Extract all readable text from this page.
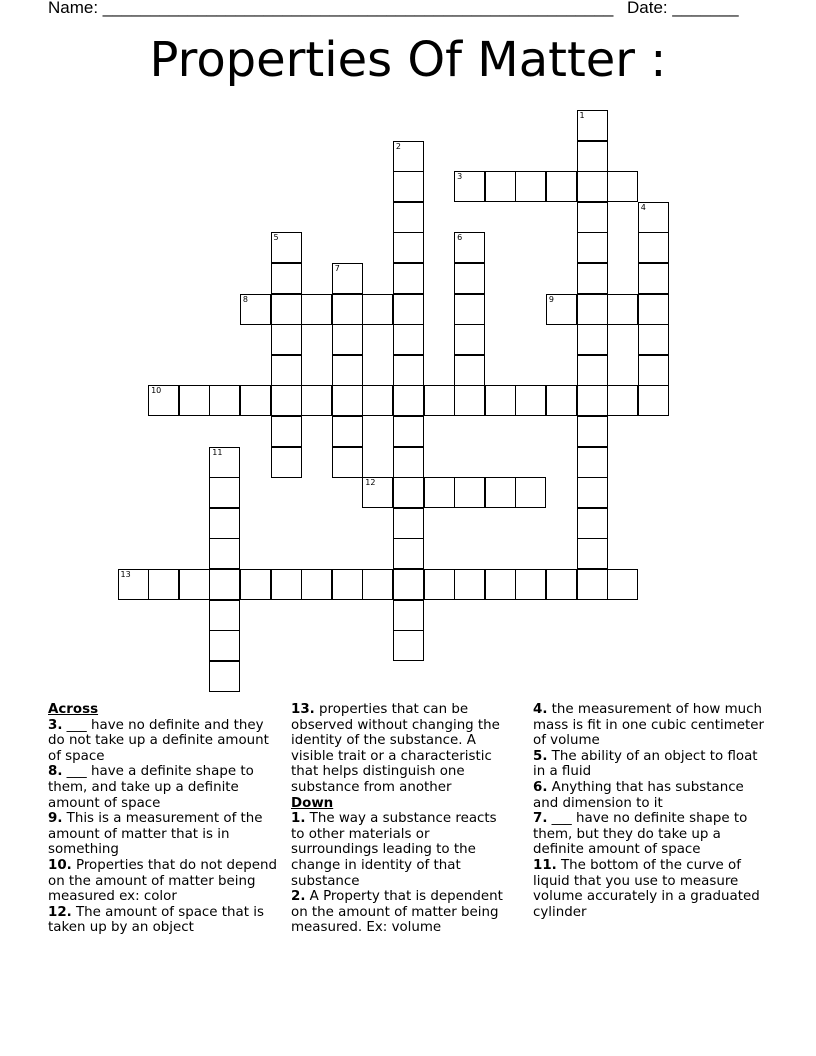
Name: ______________________________________________________ Date: _______
Properties Of Matter :
1
2
3
4
5	6
7
8	9
10
11
12
13
Across

3. ___ have no definite and they do not take up a definite amount of space

8. ___ have a definite shape to them, and take up a definite amount of space

9. This is a measurement of the amount of matter that is in something

10. Properties that do not depend on the amount of matter being measured ex: color

12. The amount of space that is taken up by an object

13. properties that can be observed without changing the identity of the substance. A visible trait or a characteristic that helps distinguish one substance from another

Down

1. The way a substance reacts to other materials or surroundings leading to the change in identity of that substance

2. A Property that is dependent on the amount of matter being measured. Ex: volume

4. the measurement of how much mass is fit in one cubic centimeter of volume

5. The ability of an object to float in a fluid

6. Anything that has substance and dimension to it

7. ___ have no definite shape to them, but they do take up a definite amount of space

11. The bottom of the curve of liquid that you use to measure volume accurately in a graduated cylinder
